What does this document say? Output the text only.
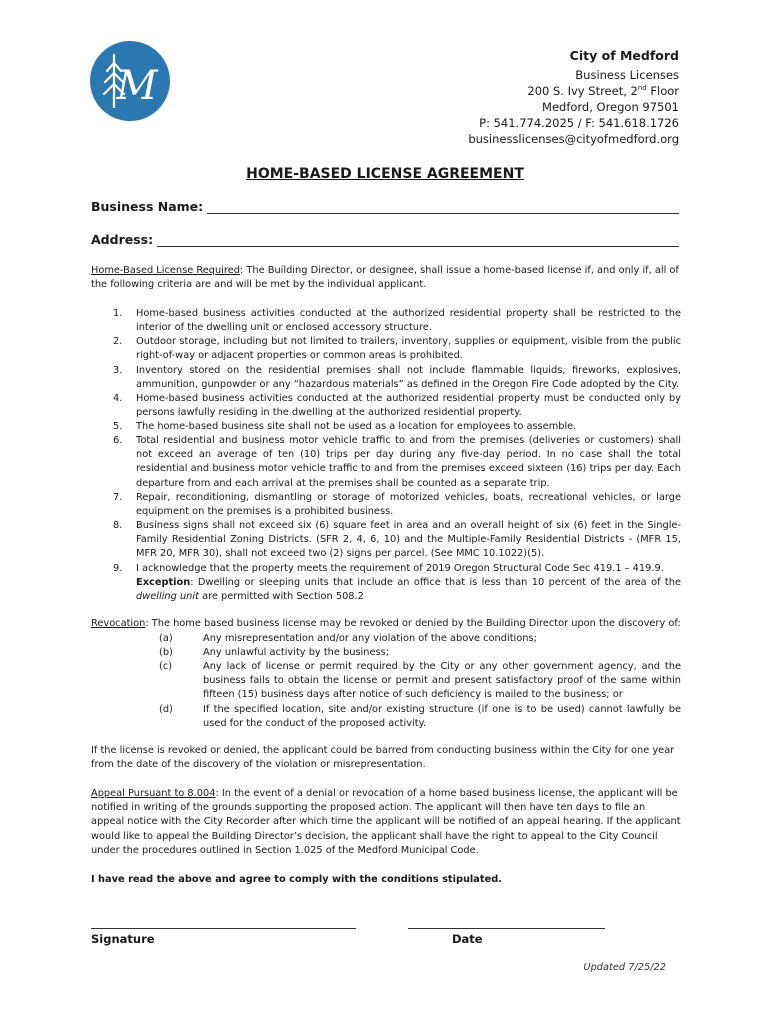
M
City of Medford
Business Licenses
200 S. Ivy Street, 2nd Floor
Medford, Oregon 97501
P: 541.774.2025 / F: 541.618.1726
businesslicenses@cityofmedford.org
HOME-BASED LICENSE AGREEMENT
Business Name:
Address:
Home-Based License Required: The Building Director, or designee, shall issue a home-based license if, and only if, all of the following criteria are and will be met by the individual applicant.
1. Home-based business activities conducted at the authorized residential property shall be restricted to the interior of the dwelling unit or enclosed accessory structure.
2. Outdoor storage, including but not limited to trailers, inventory, supplies or equipment, visible from the public right-of-way or adjacent properties or common areas is prohibited.
3. Inventory stored on the residential premises shall not include flammable liquids, fireworks, explosives, ammunition, gunpowder or any “hazardous materials” as defined in the Oregon Fire Code adopted by the City.
4. Home-based business activities conducted at the authorized residential property must be conducted only by persons lawfully residing in the dwelling at the authorized residential property.
5. The home-based business site shall not be used as a location for employees to assemble.
6. Total residential and business motor vehicle traffic to and from the premises (deliveries or customers) shall not exceed an average of ten (10) trips per day during any five-day period. In no case shall the total residential and business motor vehicle traffic to and from the premises exceed sixteen (16) trips per day. Each departure from and each arrival at the premises shall be counted as a separate trip.
7. Repair, reconditioning, dismantling or storage of motorized vehicles, boats, recreational vehicles, or large equipment on the premises is a prohibited business.
8. Business signs shall not exceed six (6) square feet in area and an overall height of six (6) feet in the Single-Family Residential Zoning Districts. (SFR 2, 4, 6, 10) and the Multiple-Family Residential Districts - (MFR 15, MFR 20, MFR 30), shall not exceed two (2) signs per parcel. (See MMC 10.1022)(5).
9. I acknowledge that the property meets the requirement of 2019 Oregon Structural Code Sec 419.1 – 419.9.
Exception: Dwelling or sleeping units that include an office that is less than 10 percent of the area of the dwelling unit are permitted with Section 508.2
Revocation: The home based business license may be revoked or denied by the Building Director upon the discovery of:
(a)	Any misrepresentation and/or any violation of the above conditions;
(b)	Any unlawful activity by the business;
(c)	Any lack of license or permit required by the City or any other government agency, and the business fails to obtain the license or permit and present satisfactory proof of the same within fifteen (15) business days after notice of such deficiency is mailed to the business; or
(d)	If the specified location, site and/or existing structure (if one is to be used) cannot lawfully be used for the conduct of the proposed activity.
If the license is revoked or denied, the applicant could be barred from conducting business within the City for one year from the date of the discovery of the violation or misrepresentation.
Appeal Pursuant to 8.004: In the event of a denial or revocation of a home based business license, the applicant will be notified in writing of the grounds supporting the proposed action. The applicant will then have ten days to file an appeal notice with the City Recorder after which time the applicant will be notified of an appeal hearing. If the applicant would like to appeal the Building Director’s decision, the applicant shall have the right to appeal to the City Council under the procedures outlined in Section 1.025 of the Medford Municipal Code.
I have read the above and agree to comply with the conditions stipulated.
Signature	Date
Updated 7/25/22
